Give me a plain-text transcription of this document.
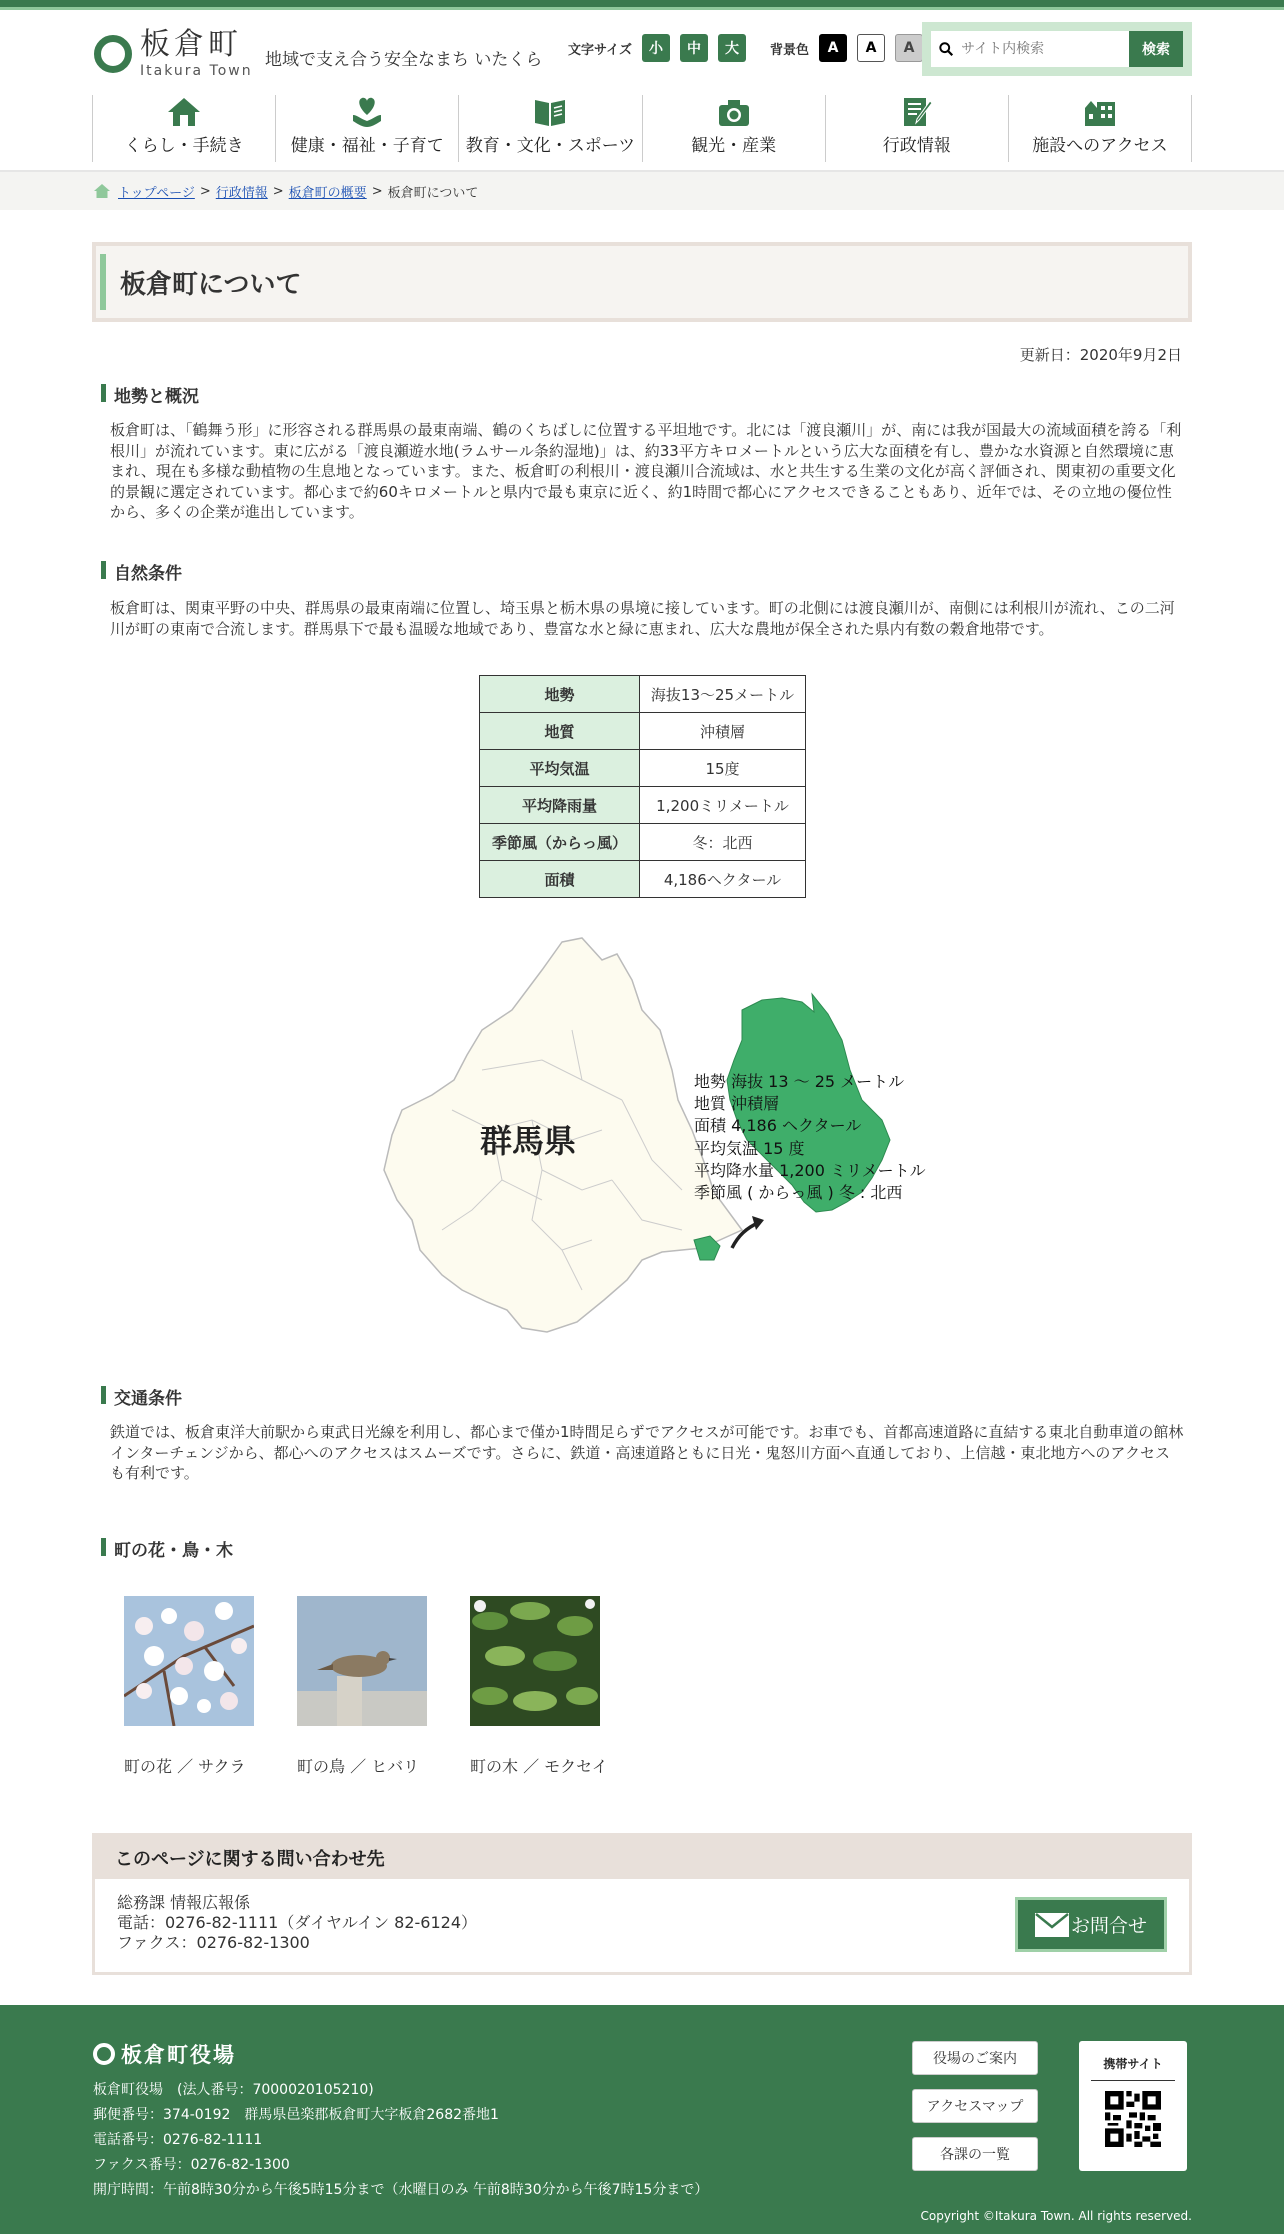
板倉町
Itakura Town
地域で支え合う安全なまち いたくら 文字サイズ	小	中	大	背景色	A	A	A
サイト内検索	検索
くらし・手続き	健康・福祉・子育て 教育・文化・スポーツ	観光・産業	行政情報	施設へのアクセス
トップページ > 行政情報 > 板倉町の概要 > 板倉町について
板倉町について
更新日：2020年9月2日
地勢と概況

板倉町は、「鶴舞う形」に形容される群馬県の最東南端、鶴のくちばしに位置する平坦地です。北には「渡良瀬川」が、南には我が国最大の流域面積を誇る「利根川」が流れています。東に広がる「渡良瀬遊水地(ラムサール条約湿地)」は、約33平方キロメートルという広大な面積を有し、豊かな水資源と自然環境に恵まれ、現在も多様な動植物の生息地となっています。また、板倉町の利根川・渡良瀬川合流域は、水と共生する生業の文化が高く評価され、関東初の重要文化的景観に選定されています。都心まで約60キロメートルと県内で最も東京に近く、約1時間で都心にアクセスできることもあり、近年では、その立地の優位性から、多くの企業が進出しています。

自然条件

板倉町は、関東平野の中央、群馬県の最東南端に位置し、埼玉県と栃木県の県境に接しています。町の北側には渡良瀬川が、南側には利根川が流れ、この二河川が町の東南で合流します。群馬県下で最も温暖な地域であり、豊富な水と緑に恵まれ、広大な農地が保全された県内有数の穀倉地帯です。

地勢	海抜13～25メートル
地質	沖積層
平均気温	15度
平均降雨量	1,200ミリメートル
季節風（からっ風）	冬：北西
面積	4,186ヘクタール
群馬県
地勢 海抜 13 ～ 25 メートル
地質 沖積層
面積 4,186 ヘクタール
平均気温 15 度
平均降水量 1,200 ミリメートル
季節風 ( からっ風 ) 冬 : 北西
交通条件

鉄道では、板倉東洋大前駅から東武日光線を利用し、都心まで僅か1時間足らずでアクセスが可能です。お車でも、首都高速道路に直結する東北自動車道の館林インターチェンジから、都心へのアクセスはスムーズです。さらに、鉄道・高速道路ともに日光・鬼怒川方面へ直通しており、上信越・東北地方へのアクセスも有利です。

町の花・鳥・木
町の花 ／ サクラ	町の鳥 ／ ヒバリ	町の木 ／ モクセイ
このページに関する問い合わせ先
総務課 情報広報係
電話：0276-82-1111（ダイヤルイン 82-6124）
ファクス：0276-82-1300
お問合せ
板倉町役場
板倉町役場　(法人番号：7000020105210)
郵便番号：374-0192　群馬県邑楽郡板倉町大字板倉2682番地1
電話番号：0276-82-1111
ファクス番号：0276-82-1300
開庁時間：午前8時30分から午後5時15分まで（水曜日のみ 午前8時30分から午後7時15分まで）
役場のご案内
アクセスマップ
各課の一覧
携帯サイト
Copyright ©Itakura Town. All rights reserved.
